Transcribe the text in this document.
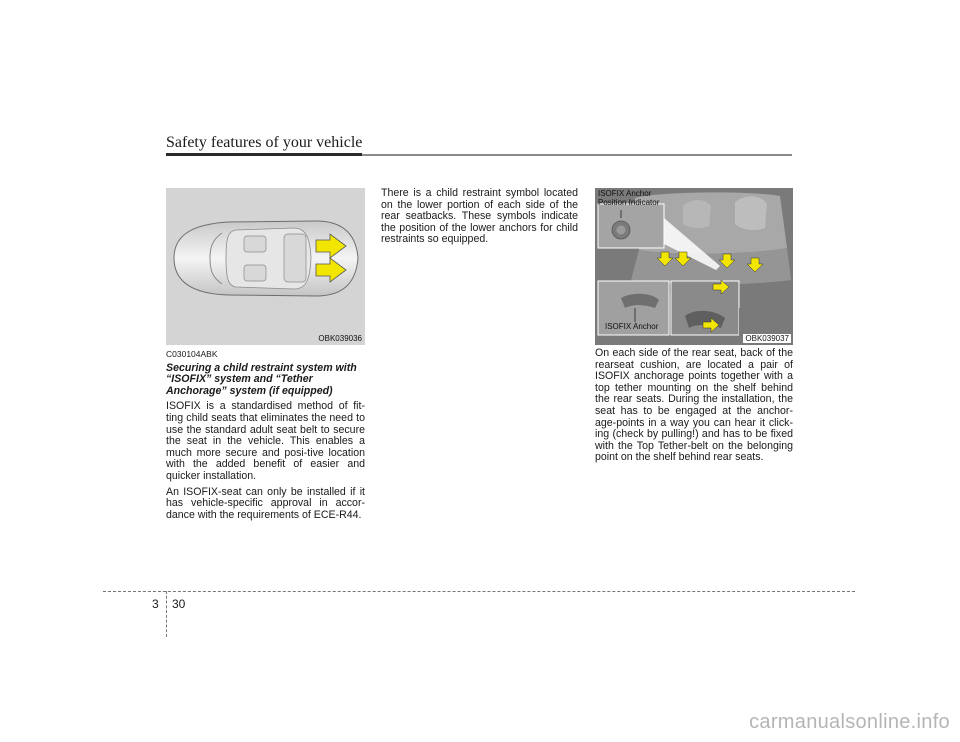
Safety features of your vehicle
OBK039036
C030104ABK
Securing a child restraint system with “ISOFIX” system and “Tether Anchorage” system (if equipped)

ISOFIX is a standardised method of fit-ting child seats that eliminates the need to use the standard adult seat belt to secure the seat in the vehicle. This enables a much more secure and posi-tive location with the added benefit of easier and quicker installation.

An ISOFIX-seat can only be installed if it has vehicle-specific approval in accor-dance with the requirements of ECE-R44.

There is a child restraint symbol located on the lower portion of each side of the rear seatbacks. These symbols indicate the position of the lower anchors for child restraints so equipped.

ISOFIX Anchor
Position Indicator
ISOFIX Anchor
OBK039037

On each side of the rear seat, back of the rearseat cushion, are located a pair of ISOFIX anchorage points together with a top tether mounting on the shelf behind the rear seats. During the installation, the seat has to be engaged at the anchor-age-points in a way you can hear it click-ing (check by pulling!) and has to be fixed with the Top Tether-belt on the belonging point on the shelf behind rear seats.

3 30
carmanualsonline.info
